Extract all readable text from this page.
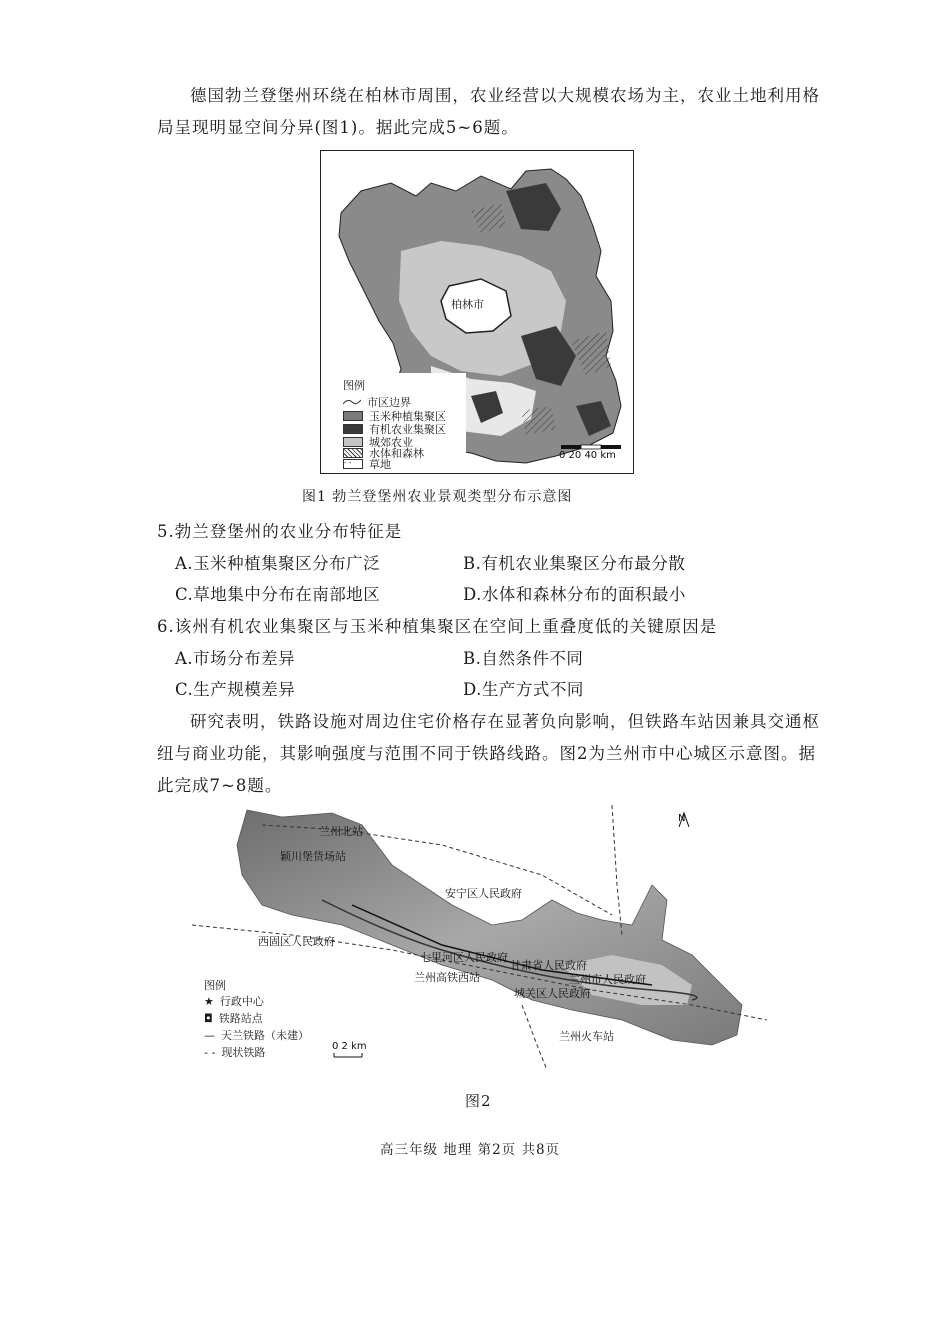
德国勃兰登堡州环绕在柏林市周围，农业经营以大规模农场为主，农业土地利用格
局呈现明显空间分异(图1)。据此完成5~6题。
柏林市
图例
市区边界
玉米种植集聚区
有机农业集聚区
城郊农业
水体和森林
- -	草地
0 20 40 km
图1 勃兰登堡州农业景观类型分布示意图
5.勃兰登堡州的农业分布特征是
A.玉米种植集聚区分布广泛	B.有机农业集聚区分布最分散
C.草地集中分布在南部地区	D.水体和森林分布的面积最小
6.该州有机农业集聚区与玉米种植集聚区在空间上重叠度低的关键原因是
A.市场分布差异	B.自然条件不同
C.生产规模差异	D.生产方式不同
研究表明，铁路设施对周边住宅价格存在显著负向影响，但铁路车站因兼具交通枢
纽与商业功能，其影响强度与范围不同于铁路线路。图2为兰州市中心城区示意图。据
此完成7~8题。
N
兰州北站
颖川堡货场站
安宁区人民政府
西固区人民政府
七里河区人民政府
甘肃省人民政府
兰州市人民政府
兰州高铁西站
城关区人民政府
兰州火车站
图例
★ 行政中心
◘ 铁路站点
— 天兰铁路（未建）
- - 现状铁路	0 2 km
图2
高三年级 地理 第2页 共8页
